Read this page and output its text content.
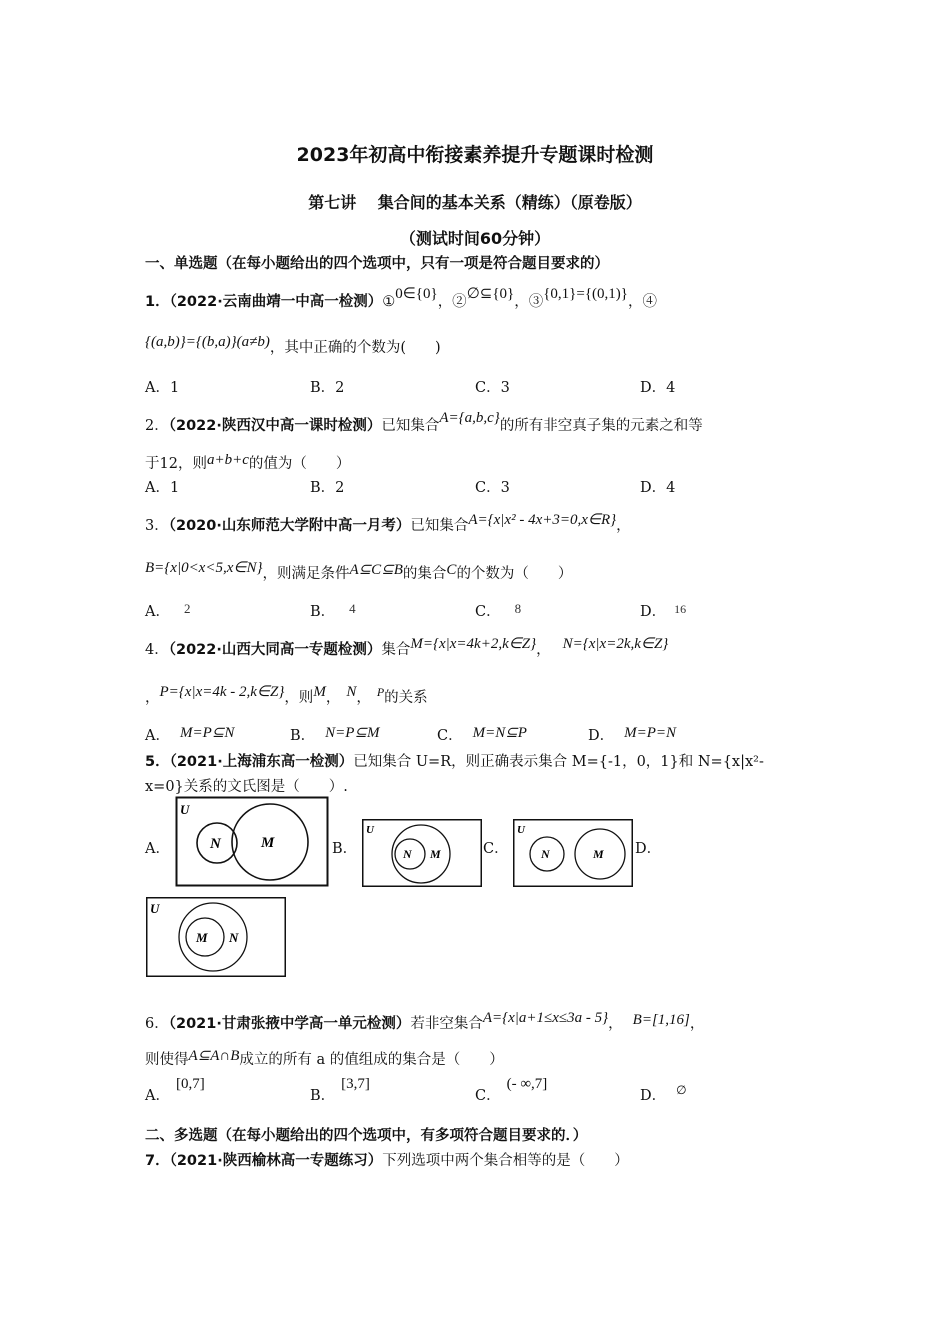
2023年初高中衔接素养提升专题课时检测
第七讲　 集合间的基本关系（精练）（原卷版）
（测试时间60分钟）
一、单选题（在每小题给出的四个选项中，只有一项是符合题目要求的）
1．（2022·云南曲靖一中高一检测）①0∈{0}，②∅⊆{0}，③{0,1}={(0,1)}，④
{(a,b)}={(b,a)}(a≠b)，其中正确的个数为(　　)
A．1	B．2	C．3	D．4
2．（2022·陕西汉中高一课时检测）已知集合A={a,b,c}的所有非空真子集的元素之和等
于12，则a+b+c的值为（　　）
A．1	B．2	C．3	D．4
3．（2020·山东师范大学附中高一月考）已知集合A={x|x² - 4x+3=0,x∈R}，
B={x|0<x<5,x∈N}，则满足条件A⊆C⊆B的集合C的个数为（　　）
A． 2	B． 4	C． 8	D． $^{16}$
4．（2022·山西大同高一专题检测）集合M={x|x=4k+2,k∈Z}， N={x|x=2k,k∈Z}
，P={x|x=4k - 2,k∈Z}，则M， N， $^P$的关系
A． M=P⊆N	B． N=P⊆M	C． M=N⊆P	D． M=P=N
5．（2021·上海浦东高一检测）已知集合 U=R，则正确表示集合 M={-1，0，1}和 N={x|x²-
x=0}关系的文氏图是（　　）.
A．
U
N	M	B．
U
N M	C．
U
N	M D．
U
M N
6．（2021·甘肃张掖中学高一单元检测）若非空集合A={x|a+1≤x≤3a - 5}， B=[1,16]，
则使得A⊆A∩B成立的所有 a 的值组成的集合是（　　）
A．[0,7]
B．[3,7]
C．(- ∞,7]
D． ∅
二、多选题（在每小题给出的四个选项中，有多项符合题目要求的．）
7．（2021·陕西榆林高一专题练习）下列选项中两个集合相等的是（　　）
